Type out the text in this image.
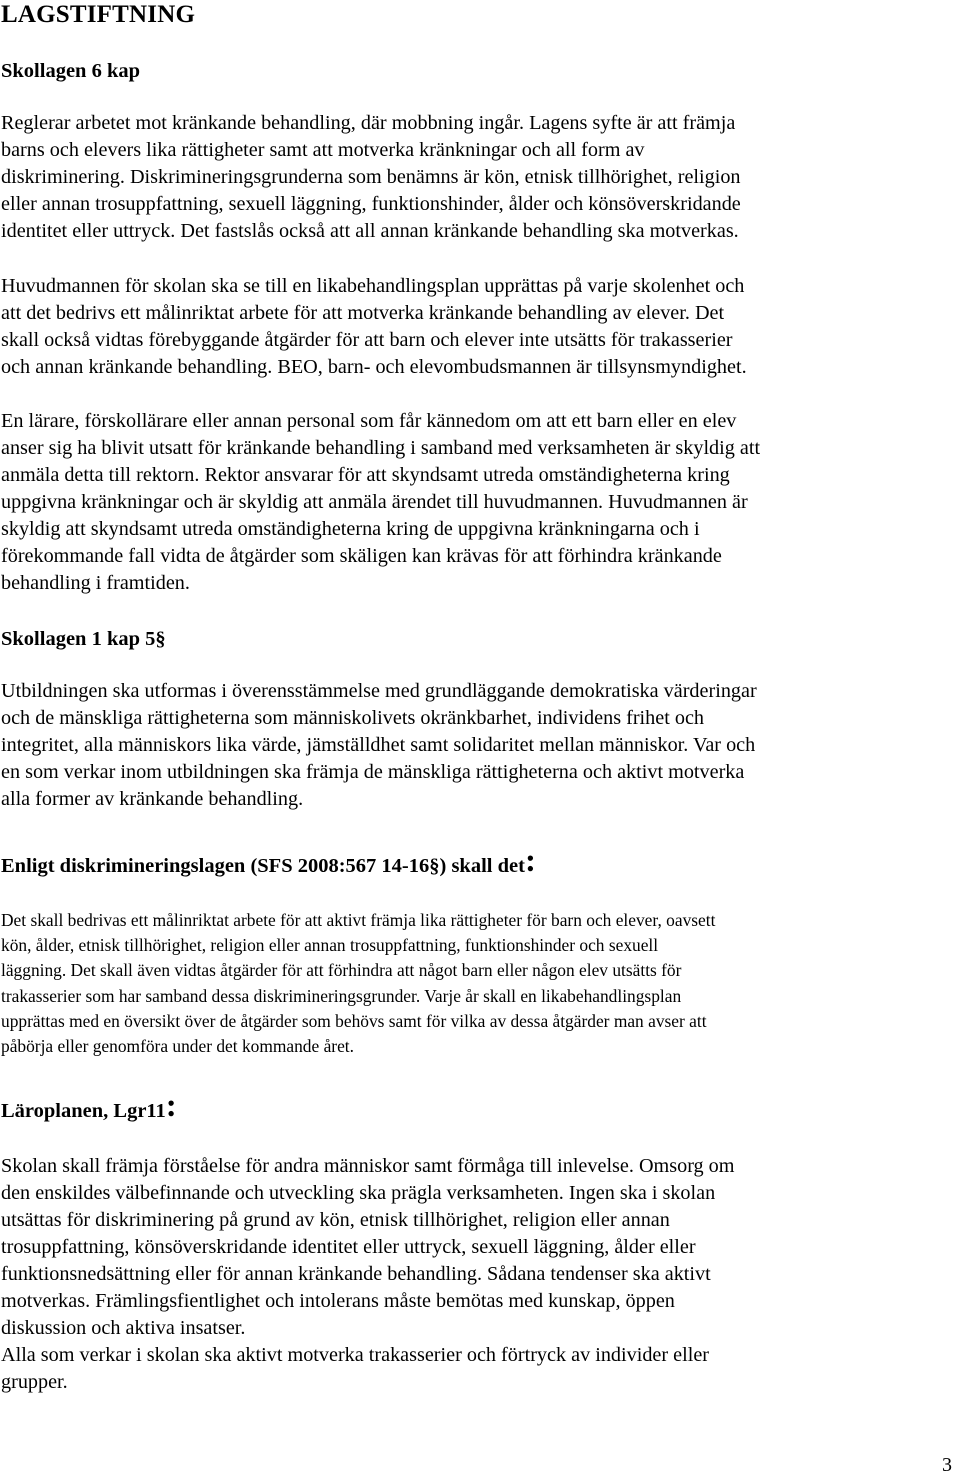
LAGSTIFTNING
Skollagen 6 kap
Reglerar arbetet mot kränkande behandling, där mobbning ingår. Lagens syfte är att främja
barns och elevers lika rättigheter samt att motverka kränkningar och all form av
diskriminering. Diskrimineringsgrunderna som benämns är kön, etnisk tillhörighet, religion
eller annan trosuppfattning, sexuell läggning, funktionshinder, ålder och könsöverskridande
identitet eller uttryck. Det fastslås också att all annan kränkande behandling ska motverkas.
Huvudmannen för skolan ska se till en likabehandlingsplan upprättas på varje skolenhet och
att det bedrivs ett målinriktat arbete för att motverka kränkande behandling av elever. Det
skall också vidtas förebyggande åtgärder för att barn och elever inte utsätts för trakasserier
och annan kränkande behandling. BEO, barn- och elevombudsmannen är tillsynsmyndighet.
En lärare, förskollärare eller annan personal som får kännedom om att ett barn eller en elev
anser sig ha blivit utsatt för kränkande behandling i samband med verksamheten är skyldig att
anmäla detta till rektorn. Rektor ansvarar för att skyndsamt utreda omständigheterna kring
uppgivna kränkningar och är skyldig att anmäla ärendet till huvudmannen. Huvudmannen är
skyldig att skyndsamt utreda omständigheterna kring de uppgivna kränkningarna och i
förekommande fall vidta de åtgärder som skäligen kan krävas för att förhindra kränkande
behandling i framtiden.
Skollagen 1 kap 5§
Utbildningen ska utformas i överensstämmelse med grundläggande demokratiska värderingar
och de mänskliga rättigheterna som människolivets okränkbarhet, individens frihet och
integritet, alla människors lika värde, jämställdhet samt solidaritet mellan människor. Var och
en som verkar inom utbildningen ska främja de mänskliga rättigheterna och aktivt motverka
alla former av kränkande behandling.
Enligt diskrimineringslagen (SFS 2008:567 14-16§) skall det:
Det skall bedrivas ett målinriktat arbete för att aktivt främja lika rättigheter för barn och elever, oavsett
kön, ålder, etnisk tillhörighet, religion eller annan trosuppfattning, funktionshinder och sexuell
läggning. Det skall även vidtas åtgärder för att förhindra att något barn eller någon elev utsätts för
trakasserier som har samband dessa diskrimineringsgrunder. Varje år skall en likabehandlingsplan
upprättas med en översikt över de åtgärder som behövs samt för vilka av dessa åtgärder man avser att
påbörja eller genomföra under det kommande året.
Läroplanen, Lgr11:
Skolan skall främja förståelse för andra människor samt förmåga till inlevelse. Omsorg om
den enskildes välbefinnande och utveckling ska prägla verksamheten. Ingen ska i skolan
utsättas för diskriminering på grund av kön, etnisk tillhörighet, religion eller annan
trosuppfattning, könsöverskridande identitet eller uttryck, sexuell läggning, ålder eller
funktionsnedsättning eller för annan kränkande behandling. Sådana tendenser ska aktivt
motverkas. Främlingsfientlighet och intolerans måste bemötas med kunskap, öppen
diskussion och aktiva insatser.
Alla som verkar i skolan ska aktivt motverka trakasserier och förtryck av individer eller
grupper.
3
